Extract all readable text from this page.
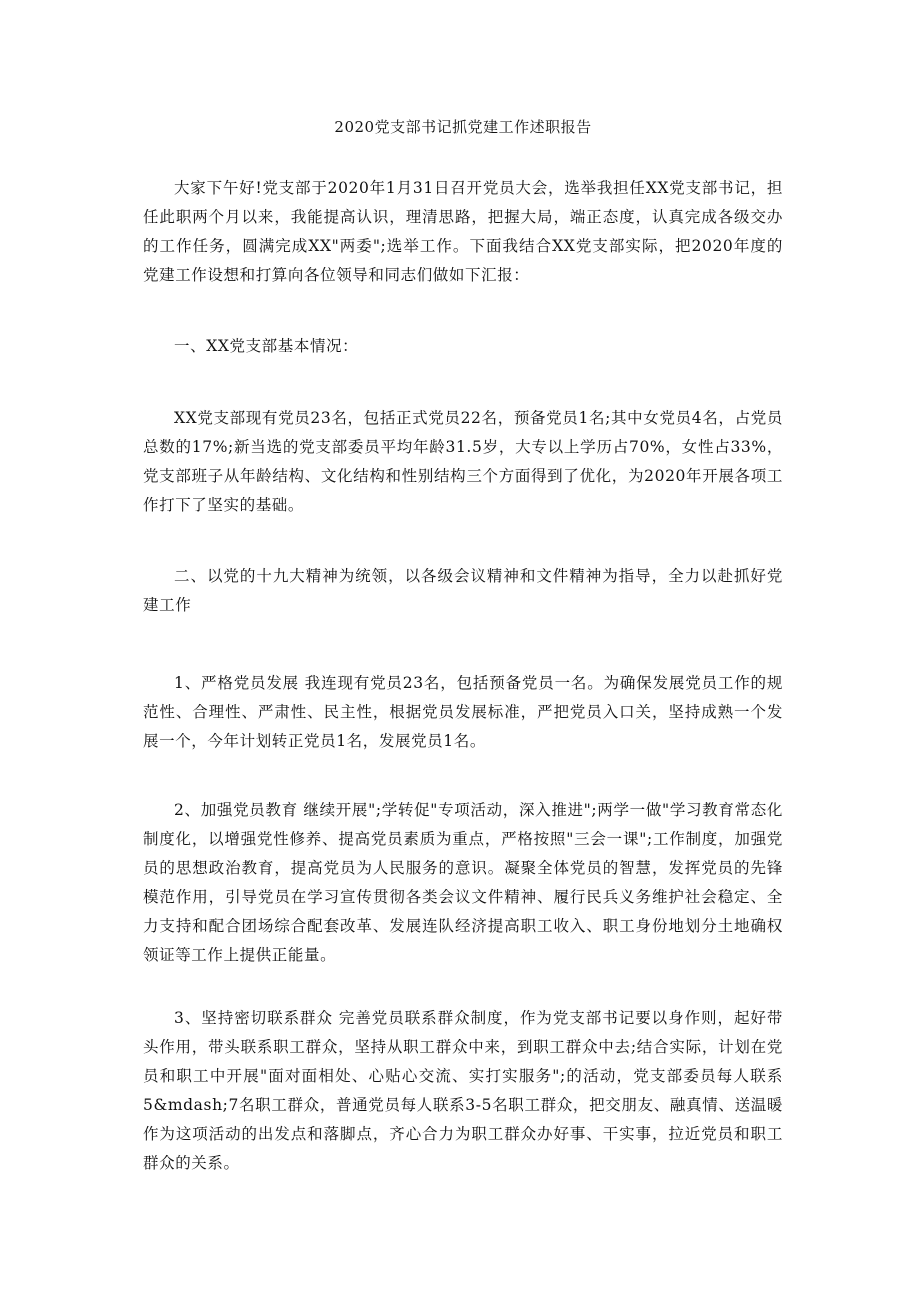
2020党支部书记抓党建工作述职报告

大家下午好!党支部于2020年1月31日召开党员大会，选举我担任XX党支部书记，担任此职两个月以来，我能提高认识，理清思路，把握大局，端正态度，认真完成各级交办的工作任务，圆满完成XX"两委";选举工作。下面我结合XX党支部实际，把2020年度的党建工作设想和打算向各位领导和同志们做如下汇报：

一、XX党支部基本情况：

XX党支部现有党员23名，包括正式党员22名，预备党员1名;其中女党员4名，占党员总数的17%;新当选的党支部委员平均年龄31.5岁，大专以上学历占70%，女性占33%，党支部班子从年龄结构、文化结构和性别结构三个方面得到了优化，为2020年开展各项工作打下了坚实的基础。

二、以党的十九大精神为统领，以各级会议精神和文件精神为指导，全力以赴抓好党建工作

1、严格党员发展 我连现有党员23名，包括预备党员一名。为确保发展党员工作的规范性、合理性、严肃性、民主性，根据党员发展标准，严把党员入口关，坚持成熟一个发展一个，今年计划转正党员1名，发展党员1名。

2、加强党员教育 继续开展";学转促"专项活动，深入推进";两学一做"学习教育常态化制度化，以增强党性修养、提高党员素质为重点，严格按照"三会一课";工作制度，加强党员的思想政治教育，提高党员为人民服务的意识。凝聚全体党员的智慧，发挥党员的先锋模范作用，引导党员在学习宣传贯彻各类会议文件精神、履行民兵义务维护社会稳定、全力支持和配合团场综合配套改革、发展连队经济提高职工收入、职工身份地划分土地确权领证等工作上提供正能量。

3、坚持密切联系群众 完善党员联系群众制度，作为党支部书记要以身作则，起好带头作用，带头联系职工群众，坚持从职工群众中来，到职工群众中去;结合实际，计划在党员和职工中开展"面对面相处、心贴心交流、实打实服务";的活动，党支部委员每人联系5&mdash;7名职工群众，普通党员每人联系3-5名职工群众，把交朋友、融真情、送温暖作为这项活动的出发点和落脚点，齐心合力为职工群众办好事、干实事，拉近党员和职工群众的关系。
